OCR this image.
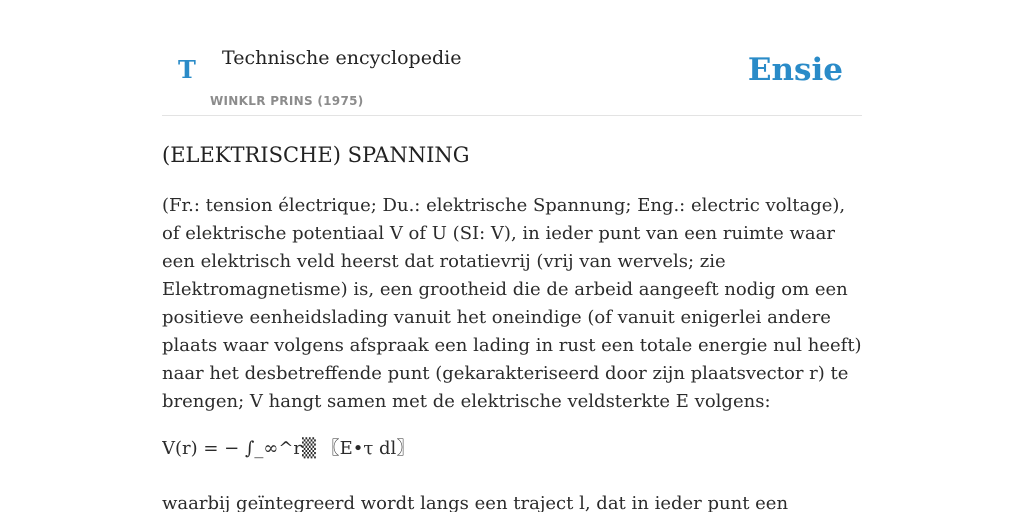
T Technische encyclopedie
WINKLR PRINS (1975)
Ensie
(ELEKTRISCHE) SPANNING

(Fr.: tension électrique; Du.: elektrische Spannung; Eng.: electric voltage), of elektrische potentiaal V of U (SI: V), in ieder punt van een ruimte waar een elektrisch veld heerst dat rotatievrij (vrij van wervels; zie Elektromagnetisme) is, een grootheid die de arbeid aangeeft nodig om een positieve eenheidslading vanuit het oneindige (of vanuit enigerlei andere plaats waar volgens afspraak een lading in rust een totale energie nul heeft) naar het desbetreffende punt (gekarakteriseerd door zijn plaatsvector r) te brengen; V hangt samen met de elektrische veldsterkte E volgens:

V(r) = − ∫_∞^r▒ 〖E•τ dl〗

waarbij geïntegreerd wordt langs een traject l, dat in ieder punt een
